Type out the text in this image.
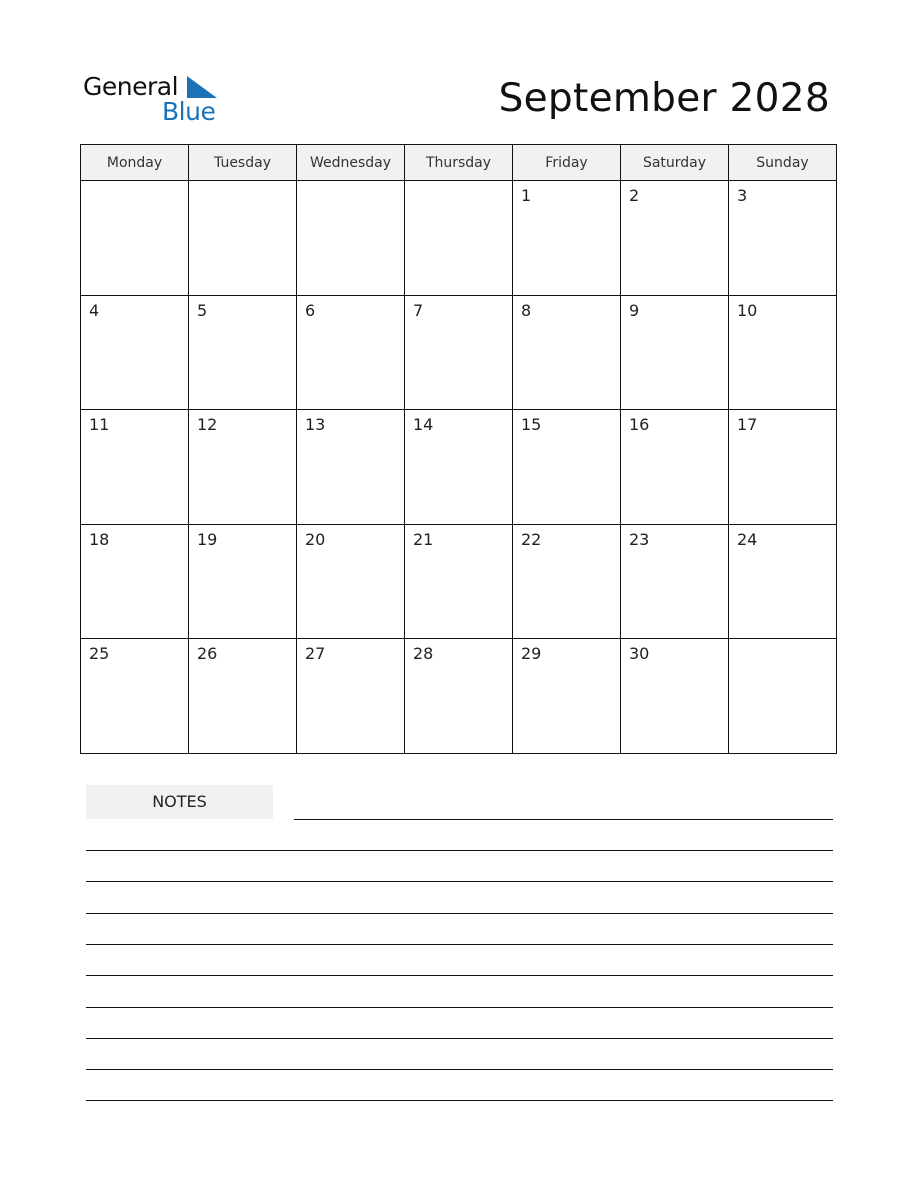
General
Blue	September 2028
Monday	Tuesday	Wednesday	Thursday	Friday	Saturday	Sunday

				1	2	3

4	5	6	7	8	9	10

11	12	13	14	15	16	17

18	19	20	21	22	23	24

25	26	27	28	29	30	

NOTES
